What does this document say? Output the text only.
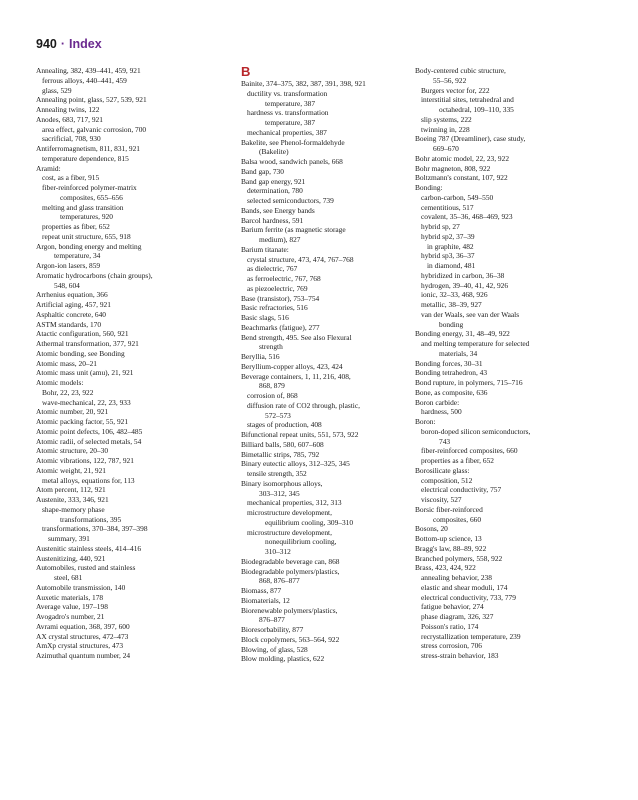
940 · Index
Annealing, 382, 439–441, 459, 921
ferrous alloys, 440–441, 459
glass, 529
Annealing point, glass, 527, 539, 921
Annealing twins, 122
Anodes, 683, 717, 921
area effect, galvanic corrosion, 700
sacrificial, 708, 930
Antiferromagnetism, 811, 831, 921
temperature dependence, 815
Aramid:
cost, as a fiber, 915
fiber-reinforced polymer-matrix
composites, 655–656
melting and glass transition
temperatures, 920
properties as fiber, 652
repeat unit structure, 655, 918
Argon, bonding energy and melting
temperature, 34
Argon-ion lasers, 859
Aromatic hydrocarbons (chain groups),
548, 604
Arrhenius equation, 366
Artificial aging, 457, 921
Asphaltic concrete, 640
ASTM standards, 170
Atactic configuration, 560, 921
Athermal transformation, 377, 921
Atomic bonding, see Bonding
Atomic mass, 20–21
Atomic mass unit (amu), 21, 921
Atomic models:
Bohr, 22, 23, 922
wave-mechanical, 22, 23, 933
Atomic number, 20, 921
Atomic packing factor, 55, 921
Atomic point defects, 106, 482–485
Atomic radii, of selected metals, 54
Atomic structure, 20–30
Atomic vibrations, 122, 787, 921
Atomic weight, 21, 921
metal alloys, equations for, 113
Atom percent, 112, 921
Austenite, 333, 346, 921
shape-memory phase
transformations, 395
transformations, 370–384, 397–398
summary, 391
Austenitic stainless steels, 414–416
Austenitizing, 440, 921
Automobiles, rusted and stainless
steel, 681
Automobile transmission, 140
Auxetic materials, 178
Average value, 197–198
Avogadro's number, 21
Avrami equation, 368, 397, 600
AX crystal structures, 472–473
AmXp crystal structures, 473
Azimuthal quantum number, 24
B
Bainite, 374–375, 382, 387, 391, 398, 921
ductility vs. transformation
temperature, 387
hardness vs. transformation
temperature, 387
mechanical properties, 387
Bakelite, see Phenol-formaldehyde
(Bakelite)
Balsa wood, sandwich panels, 668
Band gap, 730
Band gap energy, 921
determination, 780
selected semiconductors, 739
Bands, see Energy bands
Barcol hardness, 591
Barium ferrite (as magnetic storage
medium), 827
Barium titanate:
crystal structure, 473, 474, 767–768
as dielectric, 767
as ferroelectric, 767, 768
as piezoelectric, 769
Base (transistor), 753–754
Basic refractories, 516
Basic slags, 516
Beachmarks (fatigue), 277
Bend strength, 495. See also Flexural
strength
Beryllia, 516
Beryllium-copper alloys, 423, 424
Beverage containers, 1, 11, 216, 408,
868, 879
corrosion of, 868
diffusion rate of CO2 through, plastic,
572–573
stages of production, 408
Bifunctional repeat units, 551, 573, 922
Billiard balls, 580, 607–608
Bimetallic strips, 785, 792
Binary eutectic alloys, 312–325, 345
tensile strength, 352
Binary isomorphous alloys,
303–312, 345
mechanical properties, 312, 313
microstructure development,
equilibrium cooling, 309–310
microstructure development,
nonequilibrium cooling,
310–312
Biodegradable beverage can, 868
Biodegradable polymers/plastics,
868, 876–877
Biomass, 877
Biomaterials, 12
Biorenewable polymers/plastics,
876–877
Bioresorbability, 877
Block copolymers, 563–564, 922
Blowing, of glass, 528
Blow molding, plastics, 622
Body-centered cubic structure,
55–56, 922
Burgers vector for, 222
interstitial sites, tetrahedral and
octahedral, 109–110, 335
slip systems, 222
twinning in, 228
Boeing 787 (Dreamliner), case study,
669–670
Bohr atomic model, 22, 23, 922
Bohr magneton, 808, 922
Boltzmann's constant, 107, 922
Bonding:
carbon-carbon, 549–550
cementitious, 517
covalent, 35–36, 468–469, 923
hybrid sp, 27
hybrid sp2, 37–39
in graphite, 482
hybrid sp3, 36–37
in diamond, 481
hybridized in carbon, 36–38
hydrogen, 39–40, 41, 42, 926
ionic, 32–33, 468, 926
metallic, 38–39, 927
van der Waals, see van der Waals
bonding
Bonding energy, 31, 48–49, 922
and melting temperature for selected
materials, 34
Bonding forces, 30–31
Bonding tetrahedron, 43
Bond rupture, in polymers, 715–716
Bone, as composite, 636
Boron carbide:
hardness, 500
Boron:
boron-doped silicon semiconductors,
743
fiber-reinforced composites, 660
properties as a fiber, 652
Borosilicate glass:
composition, 512
electrical conductivity, 757
viscosity, 527
Borsic fiber-reinforced
composites, 660
Bosons, 20
Bottom-up science, 13
Bragg's law, 88–89, 922
Branched polymers, 558, 922
Brass, 423, 424, 922
annealing behavior, 238
elastic and shear moduli, 174
electrical conductivity, 733, 779
fatigue behavior, 274
phase diagram, 326, 327
Poisson's ratio, 174
recrystallization temperature, 239
stress corrosion, 706
stress-strain behavior, 183
